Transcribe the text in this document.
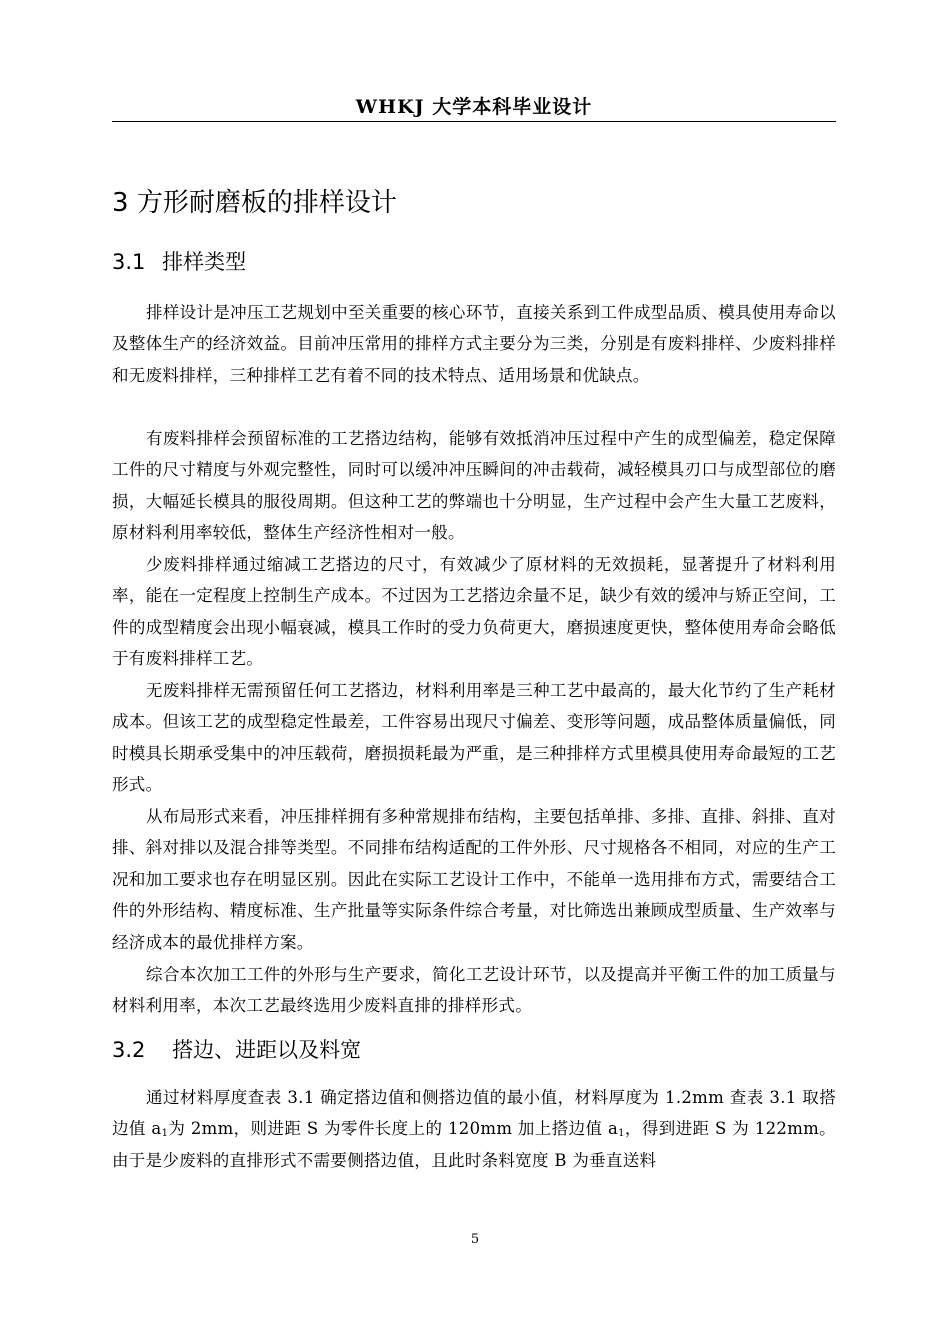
WHKJ 大学本科毕业设计
3 方形耐磨板的排样设计
3.1 排样类型

排样设计是冲压工艺规划中至关重要的核心环节，直接关系到工件成型品质、模具使用寿命以及整体生产的经济效益。目前冲压常用的排样方式主要分为三类，分别是有废料排样、少废料排样和无废料排样，三种排样工艺有着不同的技术特点、适用场景和优缺点。

有废料排样会预留标准的工艺搭边结构，能够有效抵消冲压过程中产生的成型偏差，稳定保障工件的尺寸精度与外观完整性，同时可以缓冲冲压瞬间的冲击载荷，减轻模具刃口与成型部位的磨损，大幅延长模具的服役周期。但这种工艺的弊端也十分明显，生产过程中会产生大量工艺废料，原材料利用率较低，整体生产经济性相对一般。

少废料排样通过缩减工艺搭边的尺寸，有效减少了原材料的无效损耗，显著提升了材料利用率，能在一定程度上控制生产成本。不过因为工艺搭边余量不足，缺少有效的缓冲与矫正空间，工件的成型精度会出现小幅衰减，模具工作时的受力负荷更大，磨损速度更快，整体使用寿命会略低于有废料排样工艺。

无废料排样无需预留任何工艺搭边，材料利用率是三种工艺中最高的，最大化节约了生产耗材成本。但该工艺的成型稳定性最差，工件容易出现尺寸偏差、变形等问题，成品整体质量偏低，同时模具长期承受集中的冲压载荷，磨损损耗最为严重，是三种排样方式里模具使用寿命最短的工艺形式。

从布局形式来看，冲压排样拥有多种常规排布结构，主要包括单排、多排、直排、斜排、直对排、斜对排以及混合排等类型。不同排布结构适配的工件外形、尺寸规格各不相同，对应的生产工况和加工要求也存在明显区别。因此在实际工艺设计工作中，不能单一选用排布方式，需要结合工件的外形结构、精度标准、生产批量等实际条件综合考量，对比筛选出兼顾成型质量、生产效率与经济成本的最优排样方案。

综合本次加工工件的外形与生产要求，简化工艺设计环节，以及提高并平衡工件的加工质量与材料利用率，本次工艺最终选用少废料直排的排样形式。

3.2 搭边、进距以及料宽

通过材料厚度查表 3.1 确定搭边值和侧搭边值的最小值，材料厚度为 1.2mm 查表 3.1 取搭边值 $a_1$为 2mm，则进距 S 为零件长度上的 120mm 加上搭边值 $a_1$，得到进距 S 为 122mm。由于是少废料的直排形式不需要侧搭边值，且此时条料宽度 B 为垂直送料

5
